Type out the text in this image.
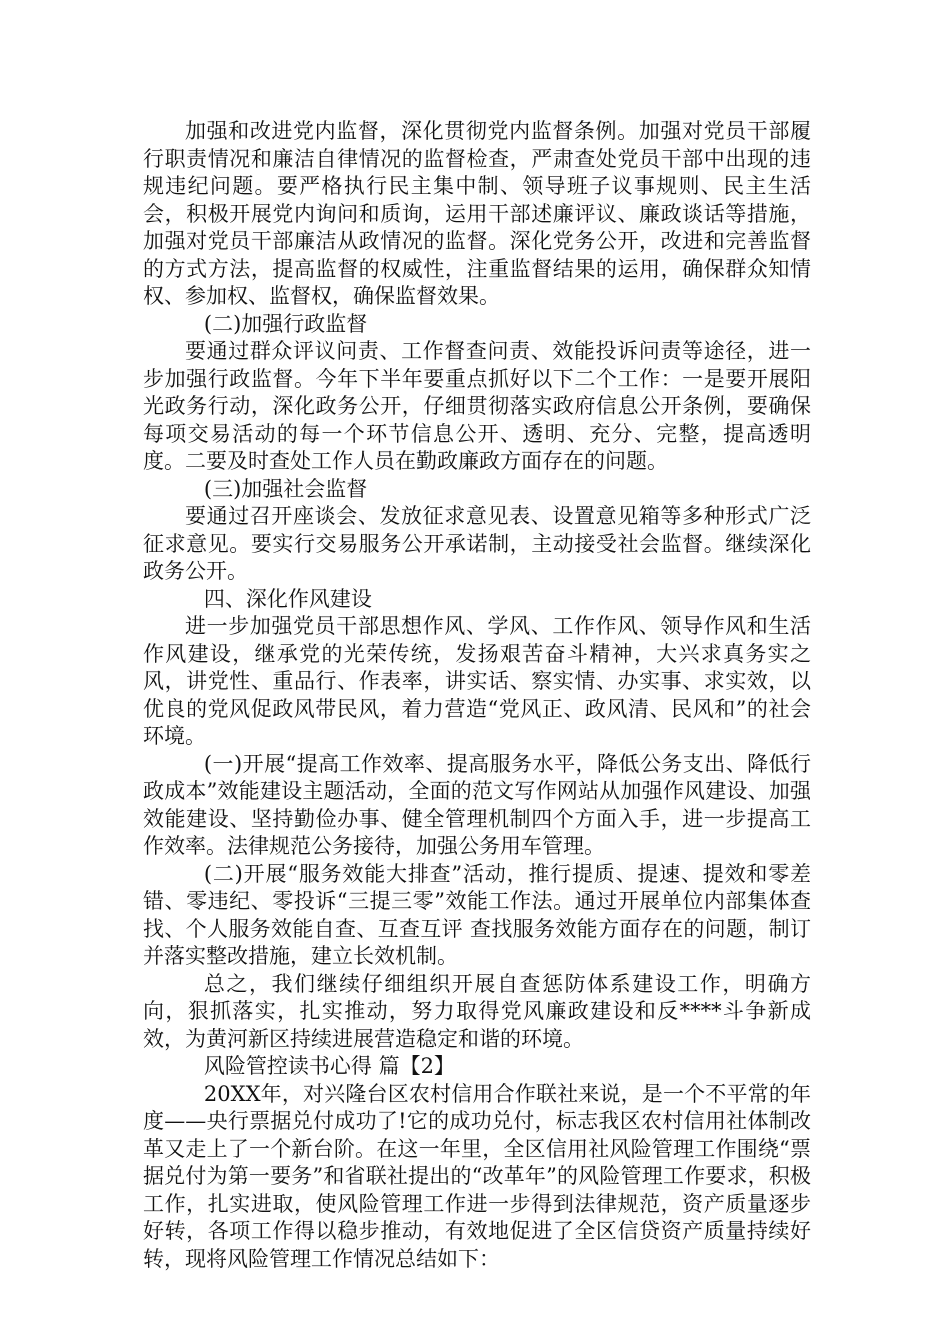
加强和改进党内监督，深化贯彻党内监督条例。加强对党员干部履行职责情况和廉洁自律情况的监督检查，严肃查处党员干部中出现的违规违纪问题。要严格执行民主集中制、领导班子议事规则、民主生活会，积极开展党内询问和质询，运用干部述廉评议、廉政谈话等措施，加强对党员干部廉洁从政情况的监督。深化党务公开，改进和完善监督的方式方法，提高监督的权威性，注重监督结果的运用，确保群众知情权、参加权、监督权，确保监督效果。

(二)加强行政监督

要通过群众评议问责、工作督查问责、效能投诉问责等途径，进一步加强行政监督。今年下半年要重点抓好以下二个工作：一是要开展阳光政务行动，深化政务公开，仔细贯彻落实政府信息公开条例，要确保每项交易活动的每一个环节信息公开、透明、充分、完整，提高透明度。二要及时查处工作人员在勤政廉政方面存在的问题。

(三)加强社会监督

要通过召开座谈会、发放征求意见表、设置意见箱等多种形式广泛征求意见。要实行交易服务公开承诺制，主动接受社会监督。继续深化政务公开。

四、深化作风建设

进一步加强党员干部思想作风、学风、工作作风、领导作风和生活作风建设，继承党的光荣传统，发扬艰苦奋斗精神，大兴求真务实之风，讲党性、重品行、作表率，讲实话、察实情、办实事、求实效，以优良的党风促政风带民风，着力营造“党风正、政风清、民风和”的社会环境。

(一)开展“提高工作效率、提高服务水平，降低公务支出、降低行政成本”效能建设主题活动，全面的范文写作网站从加强作风建设、加强效能建设、坚持勤俭办事、健全管理机制四个方面入手，进一步提高工作效率。法律规范公务接待，加强公务用车管理。

(二)开展“服务效能大排查”活动，推行提质、提速、提效和零差错、零违纪、零投诉“三提三零”效能工作法。通过开展单位内部集体查找、个人服务效能自查、互查互评 查找服务效能方面存在的问题，制订并落实整改措施，建立长效机制。

总之，我们继续仔细组织开展自查惩防体系建设工作，明确方向，狠抓落实，扎实推动，努力取得党风廉政建设和反****斗争新成效，为黄河新区持续进展营造稳定和谐的环境。

风险管控读书心得 篇【2】

20XX年，对兴隆台区农村信用合作联社来说，是一个不平常的年度——央行票据兑付成功了!它的成功兑付，标志我区农村信用社体制改革又走上了一个新台阶。在这一年里，全区信用社风险管理工作围绕“票据兑付为第一要务”和省联社提出的“改革年”的风险管理工作要求，积极工作，扎实进取，使风险管理工作进一步得到法律规范，资产质量逐步好转，各项工作得以稳步推动，有效地促进了全区信贷资产质量持续好转，现将风险管理工作情况总结如下：
